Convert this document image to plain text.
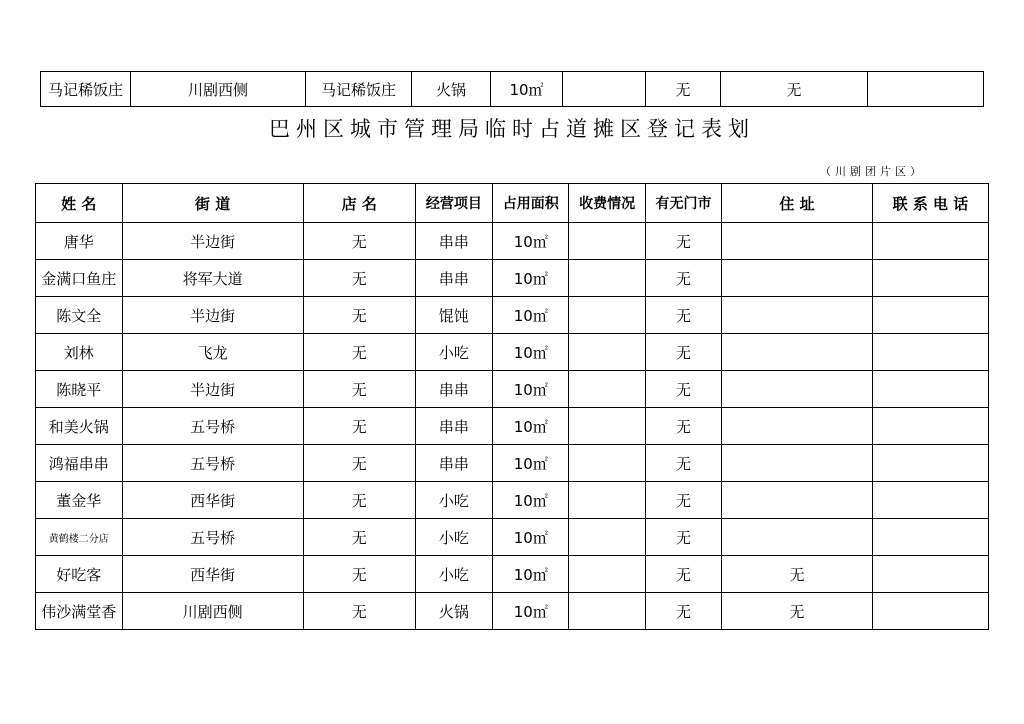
马记稀饭庄	川剧西侧	马记稀饭庄	火锅	10㎡		无	无	
巴州区城市管理局临时占道摊区登记表划
（川剧团片区）
姓 名	街 道	店 名	经营项目	占用面积	收费情况	有无门市	住 址	联 系 电 话
唐华	半边街	无	串串	10㎡		无		
金满口鱼庄	将军大道	无	串串	10㎡		无		
陈文全	半边街	无	馄饨	10㎡		无		
刘林	飞龙	无	小吃	10㎡		无		
陈晓平	半边街	无	串串	10㎡		无		
和美火锅	五号桥	无	串串	10㎡		无		
鸿福串串	五号桥	无	串串	10㎡		无		
董金华	西华街	无	小吃	10㎡		无		
黄鹤楼二分店	五号桥	无	小吃	10㎡		无		
好吃客	西华街	无	小吃	10㎡		无	无	
伟沙满堂香	川剧西侧	无	火锅	10㎡		无	无	
